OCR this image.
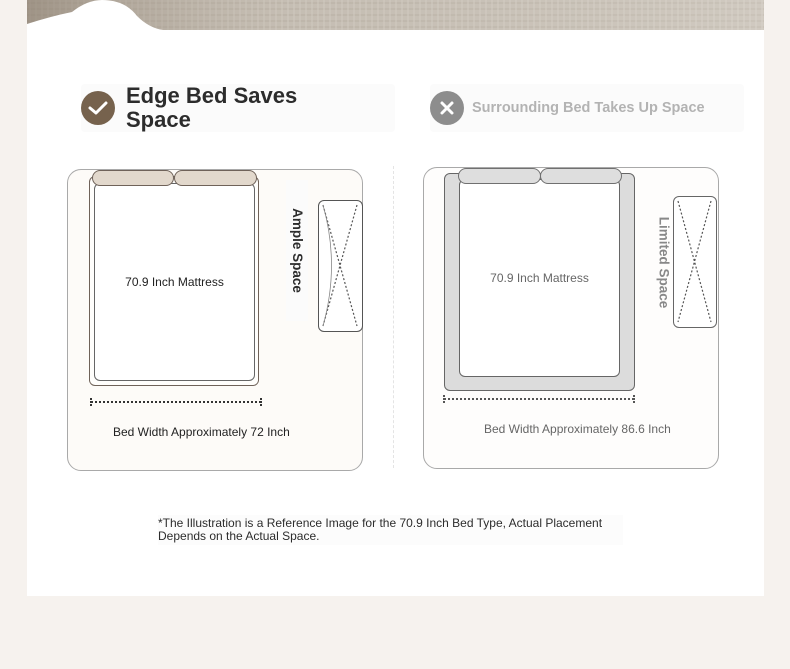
Edge Bed Saves Space	Surrounding Bed Takes Up Space
70.9 Inch Mattress	Ample Space
Bed Width Approximately 72 Inch
70.9 Inch Mattress	Limited Space
Bed Width Approximately 86.6 Inch
*The Illustration is a Reference Image for the 70.9 Inch Bed Type, Actual Placement Depends on the Actual Space.
